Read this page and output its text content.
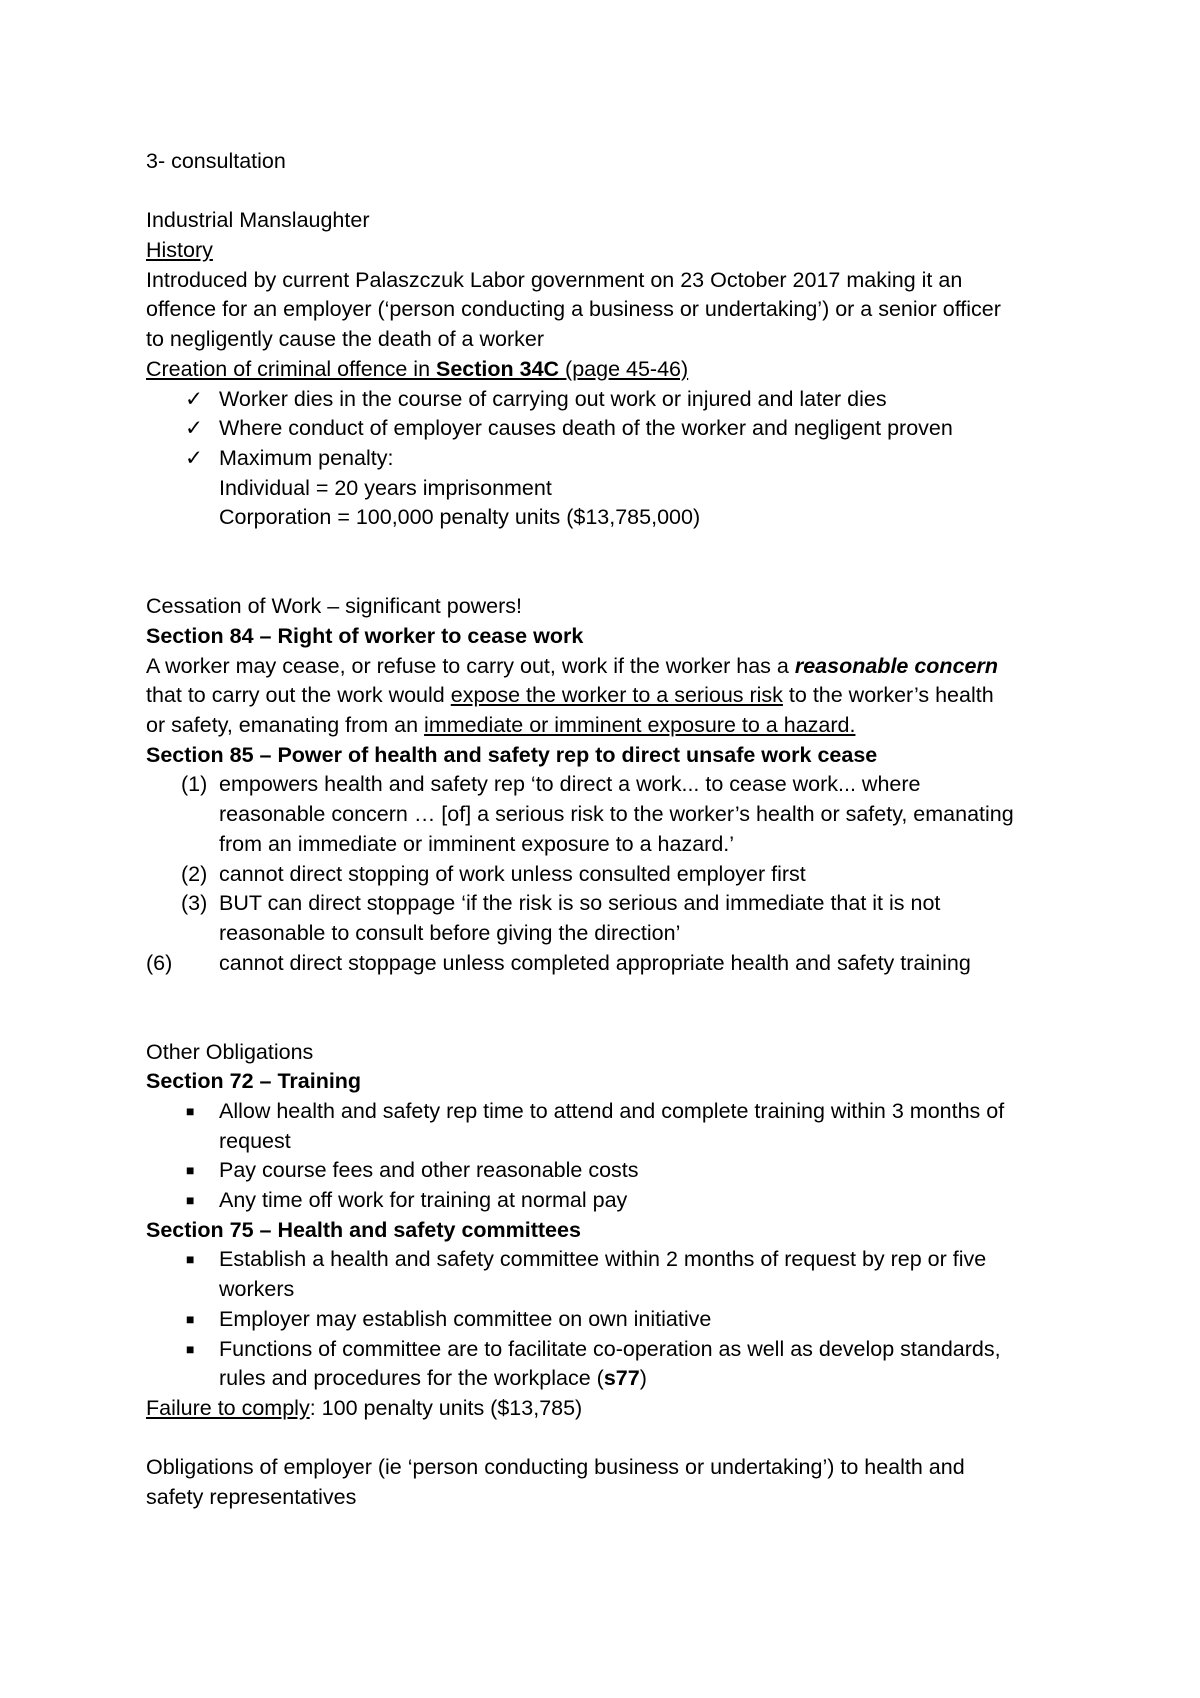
3- consultation
Industrial Manslaughter
History
Introduced by current Palaszczuk Labor government on 23 October 2017 making it an
offence for an employer (‘person conducting a business or undertaking’) or a senior officer
to negligently cause the death of a worker
Creation of criminal offence in Section 34C (page 45-46)
✓ Worker dies in the course of carrying out work or injured and later dies
✓ Where conduct of employer causes death of the worker and negligent proven
✓ Maximum penalty:
Individual = 20 years imprisonment
Corporation = 100,000 penalty units ($13,785,000)
Cessation of Work – significant powers!
Section 84 – Right of worker to cease work
A worker may cease, or refuse to carry out, work if the worker has a reasonable concern
that to carry out the work would expose the worker to a serious risk to the worker’s health
or safety, emanating from an immediate or imminent exposure to a hazard.
Section 85 – Power of health and safety rep to direct unsafe work cease
(1) empowers health and safety rep ‘to direct a work... to cease work... where
reasonable concern … [of] a serious risk to the worker’s health or safety, emanating
from an immediate or imminent exposure to a hazard.’
(2) cannot direct stopping of work unless consulted employer first
(3) BUT can direct stoppage ‘if the risk is so serious and immediate that it is not
reasonable to consult before giving the direction’
(6)	cannot direct stoppage unless completed appropriate health and safety training
Other Obligations
Section 72 – Training
■	Allow health and safety rep time to attend and complete training within 3 months of
request
■	Pay course fees and other reasonable costs
■	Any time off work for training at normal pay
Section 75 – Health and safety committees
■	Establish a health and safety committee within 2 months of request by rep or five
workers
■	Employer may establish committee on own initiative
■	Functions of committee are to facilitate co-operation as well as develop standards,
rules and procedures for the workplace (s77)
Failure to comply: 100 penalty units ($13,785)
Obligations of employer (ie ‘person conducting business or undertaking’) to health and
safety representatives
